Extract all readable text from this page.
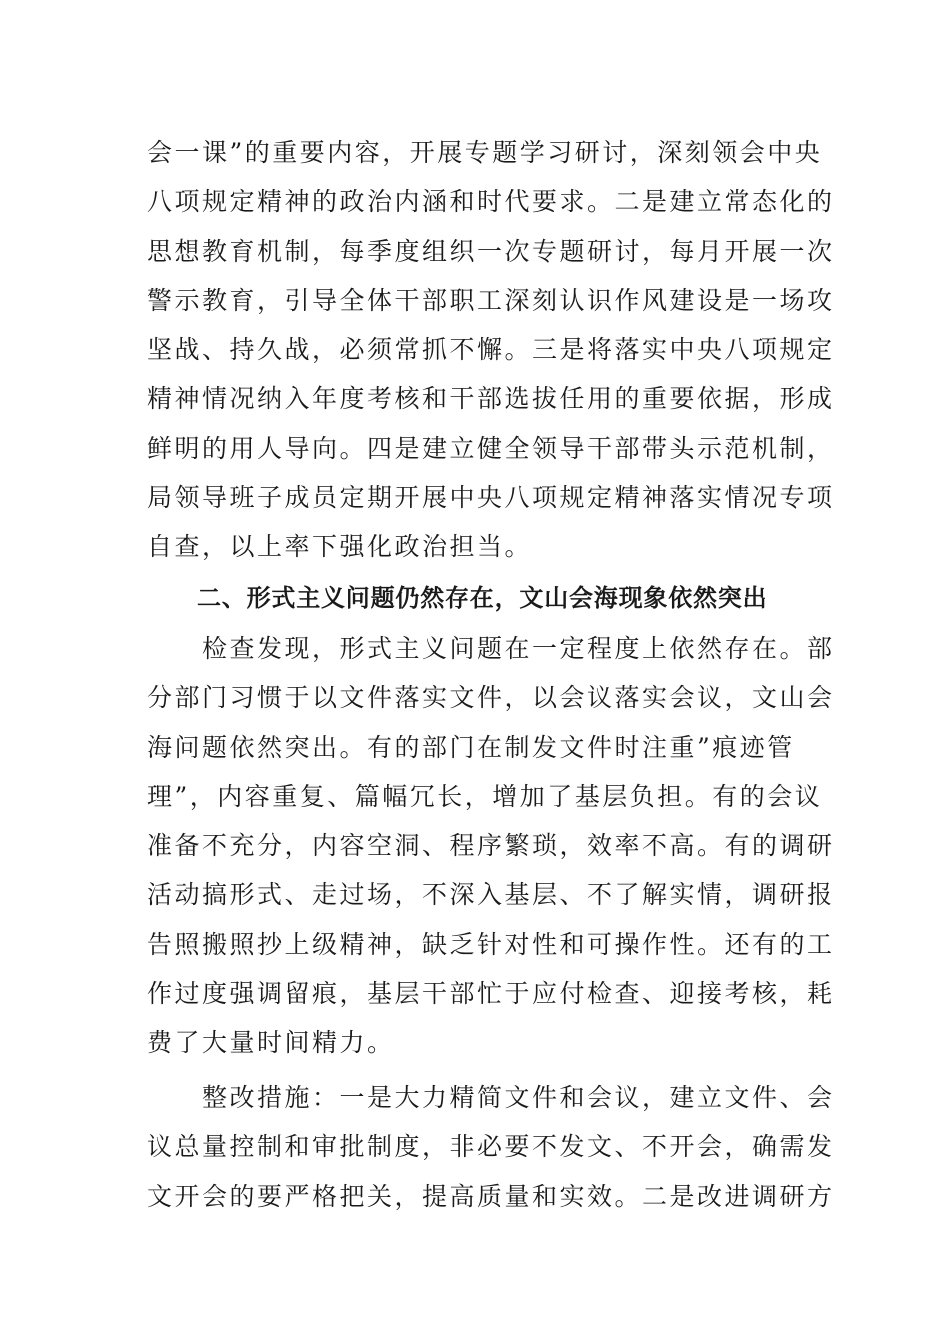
会一课”的重要内容，开展专题学习研讨，深刻领会中央
八项规定精神的政治内涵和时代要求。二是建立常态化的
思想教育机制，每季度组织一次专题研讨，每月开展一次
警示教育，引导全体干部职工深刻认识作风建设是一场攻
坚战、持久战，必须常抓不懈。三是将落实中央八项规定
精神情况纳入年度考核和干部选拔任用的重要依据，形成
鲜明的用人导向。四是建立健全领导干部带头示范机制，
局领导班子成员定期开展中央八项规定精神落实情况专项
自查，以上率下强化政治担当。
二、形式主义问题仍然存在，文山会海现象依然突出
　　检查发现，形式主义问题在一定程度上依然存在。部
分部门习惯于以文件落实文件，以会议落实会议，文山会
海问题依然突出。有的部门在制发文件时注重”痕迹管
理”，内容重复、篇幅冗长，增加了基层负担。有的会议
准备不充分，内容空洞、程序繁琐，效率不高。有的调研
活动搞形式、走过场，不深入基层、不了解实情，调研报
告照搬照抄上级精神，缺乏针对性和可操作性。还有的工
作过度强调留痕，基层干部忙于应付检查、迎接考核，耗
费了大量时间精力。
　　整改措施：一是大力精简文件和会议，建立文件、会
议总量控制和审批制度，非必要不发文、不开会，确需发
文开会的要严格把关，提高质量和实效。二是改进调研方
